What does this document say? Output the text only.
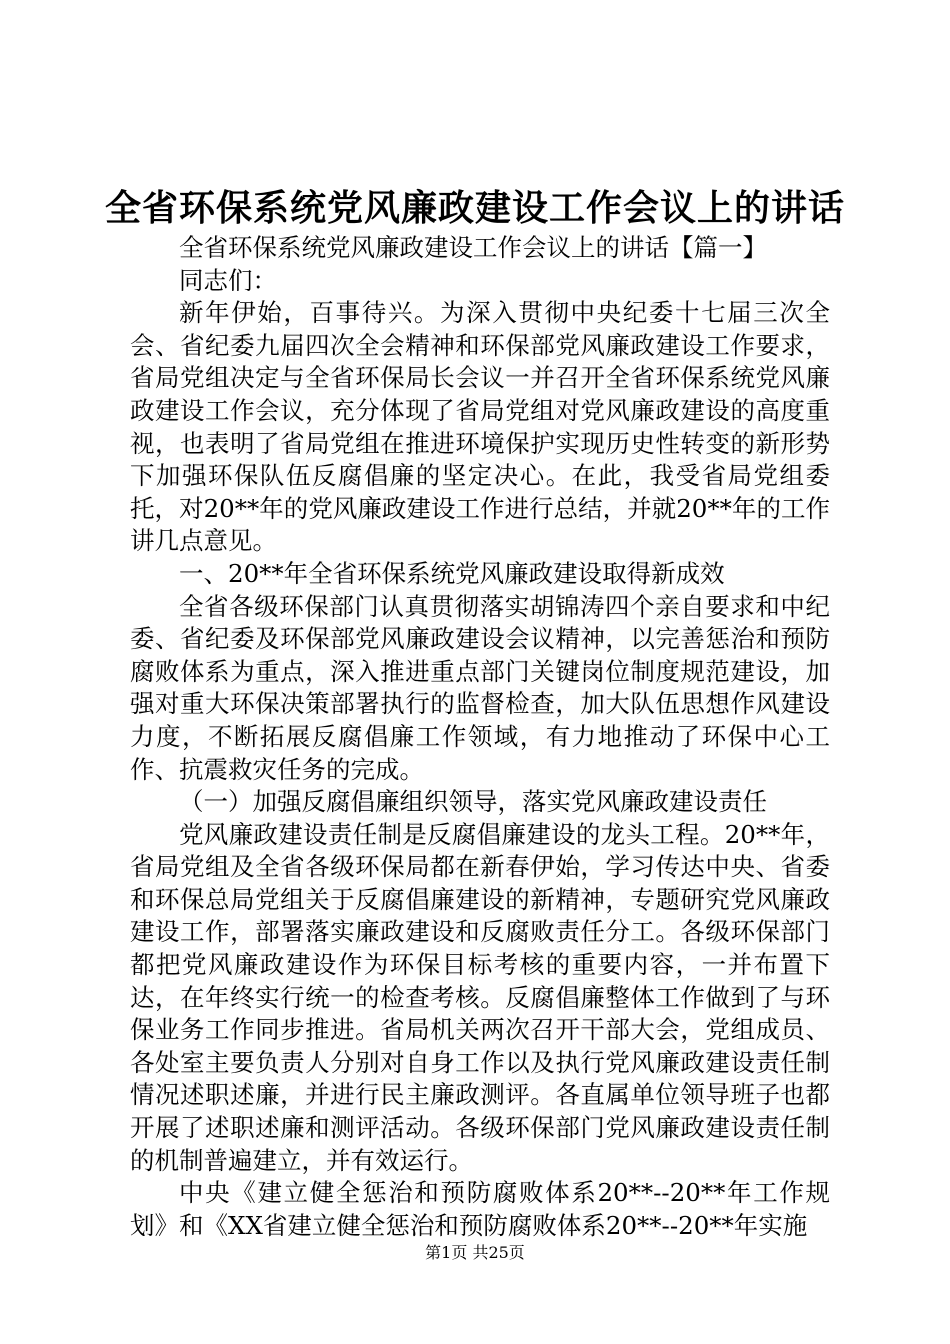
全省环保系统党风廉政建设工作会议上的讲话

全省环保系统党风廉政建设工作会议上的讲话【篇一】

同志们：

新年伊始，百事待兴。为深入贯彻中央纪委十七届三次全会、省纪委九届四次全会精神和环保部党风廉政建设工作要求，省局党组决定与全省环保局长会议一并召开全省环保系统党风廉政建设工作会议，充分体现了省局党组对党风廉政建设的高度重视，也表明了省局党组在推进环境保护实现历史性转变的新形势下加强环保队伍反腐倡廉的坚定决心。在此，我受省局党组委托，对20**年的党风廉政建设工作进行总结，并就20**年的工作讲几点意见。

一、20**年全省环保系统党风廉政建设取得新成效

全省各级环保部门认真贯彻落实胡锦涛四个亲自要求和中纪委、省纪委及环保部党风廉政建设会议精神，以完善惩治和预防腐败体系为重点，深入推进重点部门关键岗位制度规范建设，加强对重大环保决策部署执行的监督检查，加大队伍思想作风建设力度，不断拓展反腐倡廉工作领域，有力地推动了环保中心工作、抗震救灾任务的完成。

（一）加强反腐倡廉组织领导，落实党风廉政建设责任

党风廉政建设责任制是反腐倡廉建设的龙头工程。20**年，省局党组及全省各级环保局都在新春伊始，学习传达中央、省委和环保总局党组关于反腐倡廉建设的新精神，专题研究党风廉政建设工作，部署落实廉政建设和反腐败责任分工。各级环保部门都把党风廉政建设作为环保目标考核的重要内容，一并布置下达，在年终实行统一的检查考核。反腐倡廉整体工作做到了与环保业务工作同步推进。省局机关两次召开干部大会，党组成员、各处室主要负责人分别对自身工作以及执行党风廉政建设责任制情况述职述廉，并进行民主廉政测评。各直属单位领导班子也都开展了述职述廉和测评活动。各级环保部门党风廉政建设责任制的机制普遍建立，并有效运行。

中央《建立健全惩治和预防腐败体系20**--20**年工作规划》和《XX省建立健全惩治和预防腐败体系20**--20**年实施

第1页 共25页
